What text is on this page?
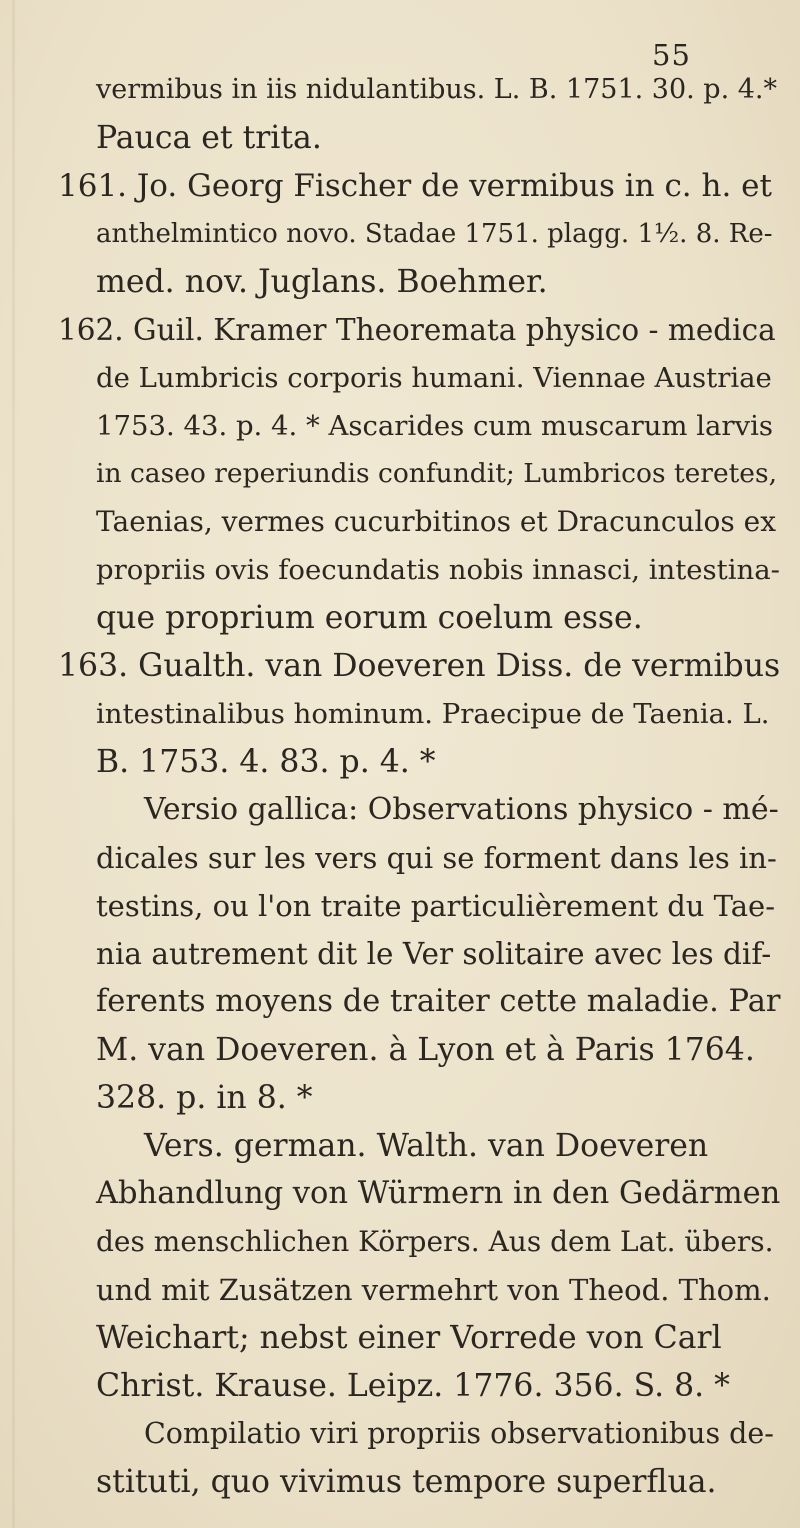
55
vermibus in iis nidulantibus. L. B. 1751. 30. p. 4.*
Pauca et trita.
161. Jo. Georg Fischer de vermibus in c. h. et
anthelmintico novo. Stadae 1751. plagg. 1½. 8. Re-
med. nov. Juglans. Boehmer.
162. Guil. Kramer Theoremata physico - medica
de Lumbricis corporis humani. Viennae Austriae
1753. 43. p. 4. * Ascarides cum muscarum larvis
in caseo reperiundis confundit; Lumbricos teretes,
Taenias, vermes cucurbitinos et Dracunculos ex
propriis ovis foecundatis nobis innasci, intestina-
que proprium eorum coelum esse.
163. Gualth. van Doeveren Diss. de vermibus
intestinalibus hominum. Praecipue de Taenia. L.
B. 1753. 4. 83. p. 4. *
Versio gallica: Observations physico - mé-
dicales sur les vers qui se forment dans les in-
testins, ou l'on traite particulièrement du Tae-
nia autrement dit le Ver solitaire avec les dif-
ferents moyens de traiter cette maladie. Par
M. van Doeveren. à Lyon et à Paris 1764.
328. p. in 8. *
Vers. german. Walth. van Doeveren
Abhandlung von Würmern in den Gedärmen
des menschlichen Körpers. Aus dem Lat. übers.
und mit Zusätzen vermehrt von Theod. Thom.
Weichart; nebst einer Vorrede von Carl
Christ. Krause. Leipz. 1776. 356. S. 8. *
Compilatio viri propriis observationibus de-
stituti, quo vivimus tempore superflua.
